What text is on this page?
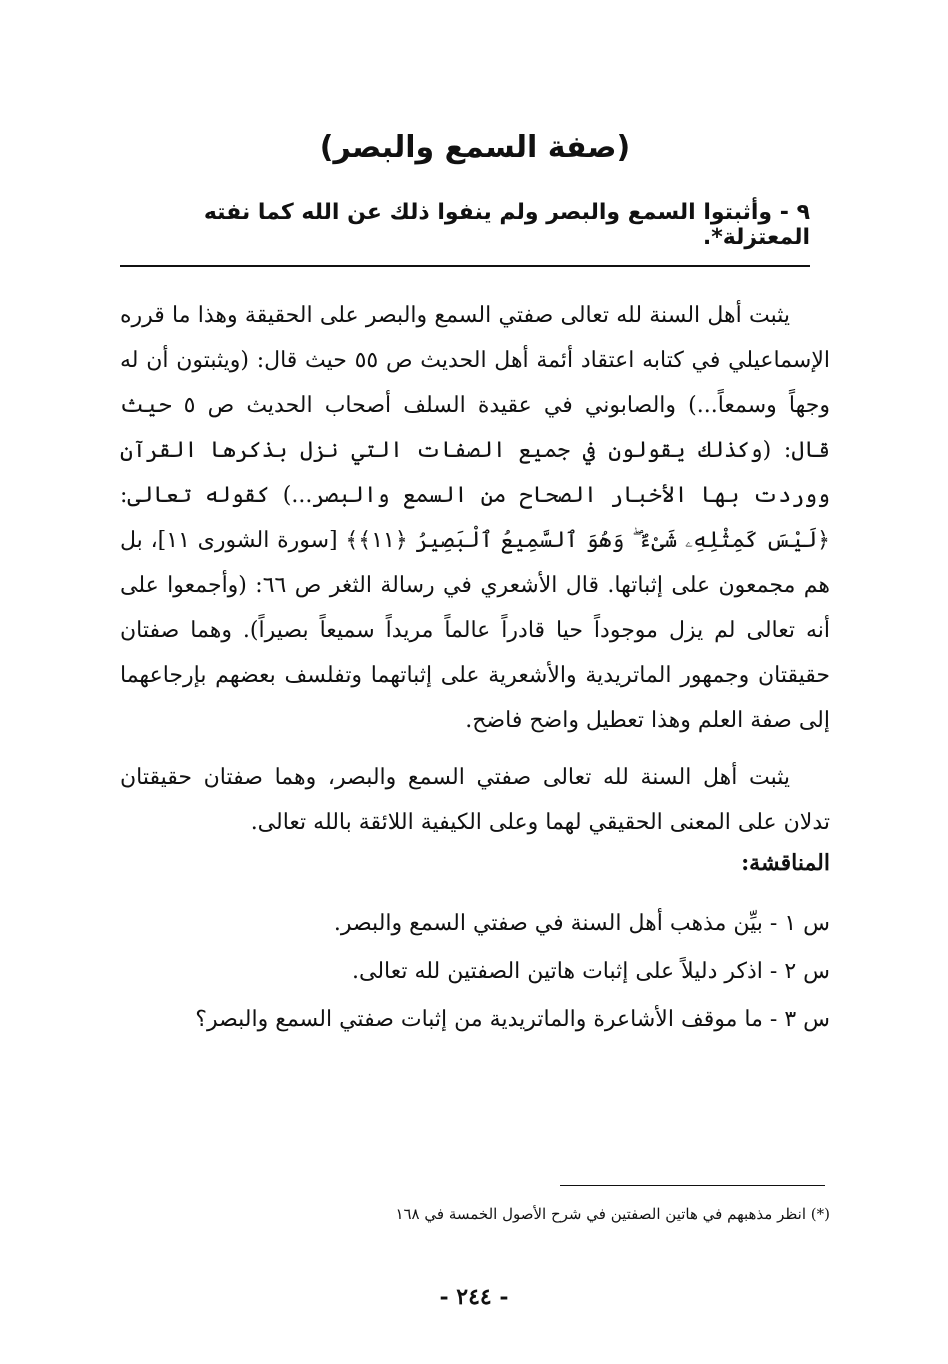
(صفة السمع والبصر)
٩ - وأثبتوا السمع والبصر ولم ينفوا ذلك عن الله كما نفته المعتزلة*.

يثبت أهل السنة لله تعالى صفتي السمع والبصر على الحقيقة وهذا ما قرره الإسماعيلي في كتابه اعتقاد أئمة أهل الحديث ص ٥٥ حيث قال: (ويثبتون أن له وجهاً وسمعاً...) والصابوني في عقيدة السلف أصحاب الحديث ص ٥ حيث قال: (وكذلك يقولون في جميع الصفات التي نزل بذكرها القرآن ووردت بها الأخبار الصحاح من السمع والبصر...) كقوله تعالى: ﴿لَيْسَ كَمِثْلِهِۦ شَىْءٌ ۖ وَهُوَ ٱلسَّمِيعُ ٱلْبَصِيرُ ﴿١١﴾﴾ [سورة الشورى ١١]، بل هم مجمعون على إثباتها. قال الأشعري في رسالة الثغر ص ٦٦: (وأجمعوا على أنه تعالى لم يزل موجوداً حيا قادراً عالماً مريداً سميعاً بصيراً). وهما صفتان حقيقتان وجمهور الماتريدية والأشعرية على إثباتهما وتفلسف بعضهم بإرجاعهما إلى صفة العلم وهذا تعطيل واضح فاضح.

يثبت أهل السنة لله تعالى صفتي السمع والبصر، وهما صفتان حقيقتان تدلان على المعنى الحقيقي لهما وعلى الكيفية اللائقة بالله تعالى.

المناقشة:
س ١ - بيِّن مذهب أهل السنة في صفتي السمع والبصر.
س ٢ - اذكر دليلاً على إثبات هاتين الصفتين لله تعالى.
س ٣ - ما موقف الأشاعرة والماتريدية من إثبات صفتي السمع والبصر؟
(*) انظر مذهبهم في هاتين الصفتين في شرح الأصول الخمسة في ١٦٨
- ٢٤٤ -
